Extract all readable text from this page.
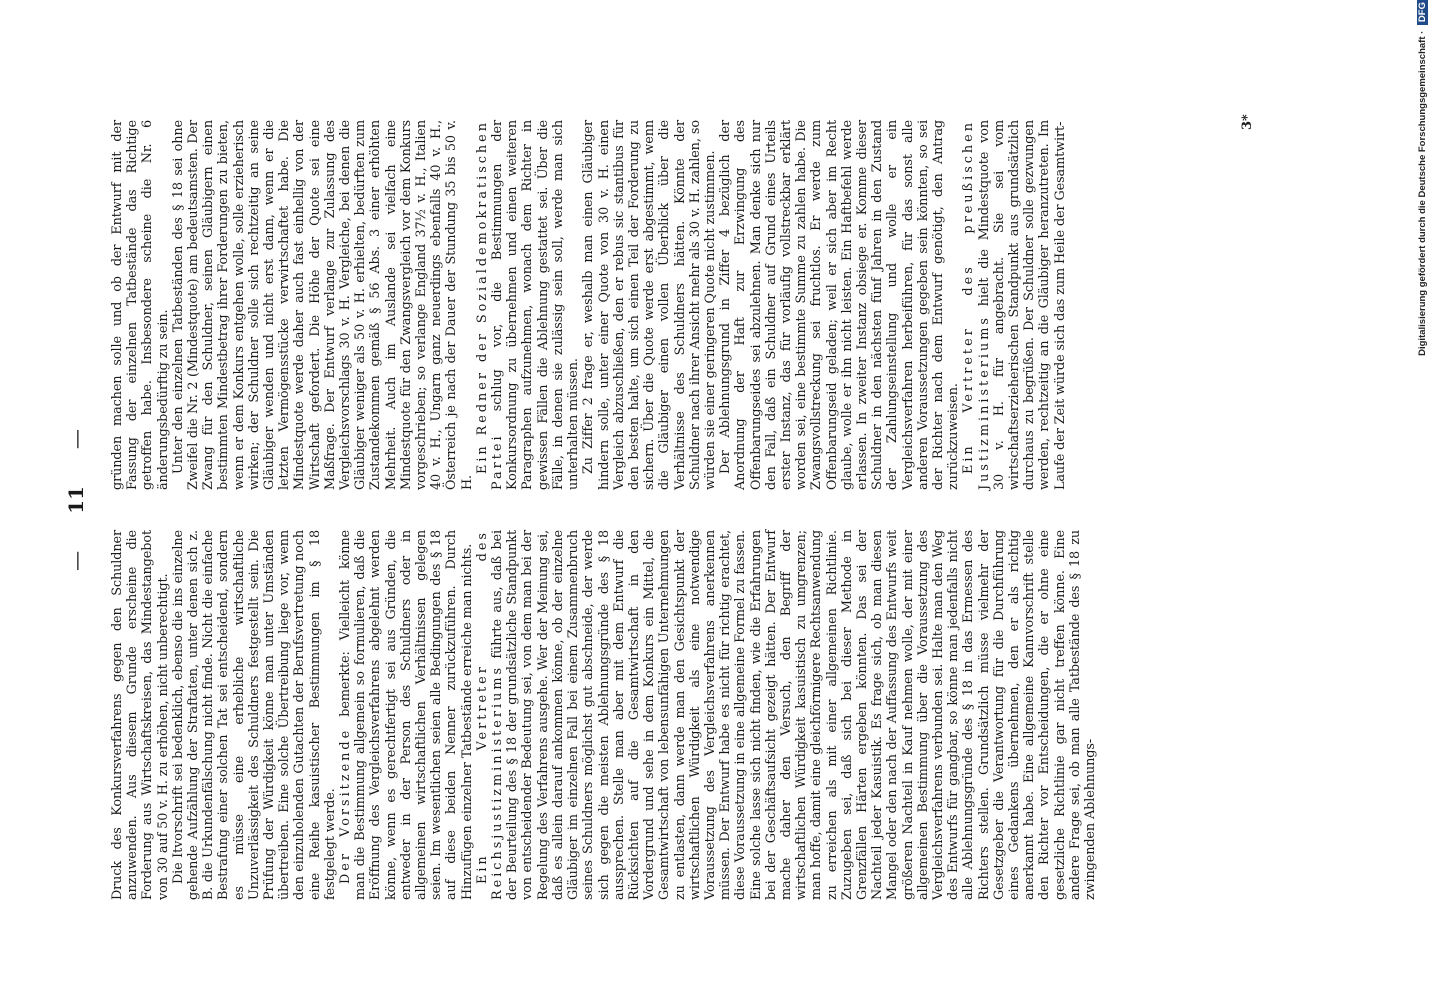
— 11 —

Druck des Konkursverfahrens gegen den Schuldner anzuwenden. Aus diesem Grunde erscheine die Forderung aus Wirtschaftskreisen, das Mindestangebot von 30 auf 50 v. H. zu erhöhen, nicht unberechtigt. Die Itvorschrift sei bedenklich, ebenso die ins einzelne gehende Aufzählung der Straftaten, unter denen sich z. B. die Urkundenfälschung nicht finde. Nicht die einfache Bestrafung einer solchen Tat sei entscheidend, sondern es müsse eine erhebliche wirtschaftliche Unzuverlässigkeit des Schuldners festgestellt sein. Die Prüfung der Würdigkeit könne man unter Umständen übertreiben. Eine solche Übertreibung liege vor, wenn den einzuholenden Gutachten der Berufsvertretung noch eine Reihe kasuistischer Bestimmungen im § 18 festgelegt werde. Der Vorsitzende bemerkte: Vielleicht könne man die Bestimmung allgemein so formulieren, daß die Eröffnung des Vergleichsverfahrens abgelehnt werden könne, wenn es gerechtfertigt sei aus Gründen, die entweder in der Person des Schuldners oder in allgemeinen wirtschaftlichen Verhältnissen gelegen seien. Im wesentlichen seien alle Bedingungen des § 18 auf diese beiden Nenner zurückzuführen. Durch Hinzufügen einzelner Tatbestände erreiche man nichts. Ein Vertreter des Reichsjustizministeriums führte aus, daß bei der Beurteilung des § 18 der grundsätzliche Standpunkt von entscheidender Bedeutung sei, von dem man bei der Regelung des Verfahrens ausgehe. Wer der Meinung sei, daß es allein darauf ankommen könne, ob der einzelne Gläubiger im einzelnen Fall bei einem Zusammenbruch seines Schuldners möglichst gut abschneide, der werde sich gegen die meisten Ablehnungsgründe des § 18 aussprechen. Stelle man aber mit dem Entwurf die Rücksichten auf die Gesamtwirtschaft in den Vordergrund und sehe in dem Konkurs ein Mittel, die Gesamtwirtschaft von lebensunfähigen Unternehmungen zu entlasten, dann werde man den Gesichtspunkt der wirtschaftlichen Würdigkeit als eine notwendige Voraussetzung des Vergleichsverfahrens anerkennen müssen. Der Entwurf habe es nicht für richtig erachtet, diese Voraussetzung in eine allgemeine Formel zu fassen. Eine solche lasse sich nicht finden, wie die Erfahrungen bei der Geschäftsaufsicht gezeigt hätten. Der Entwurf mache daher den Versuch, den Begriff der wirtschaftlichen Würdigkeit kasuistisch zu umgrenzen; man hoffe, damit eine gleichförmigere Rechtsanwendung zu erreichen als mit einer allgemeinen Richtlinie. Zuzugeben sei, daß sich bei dieser Methode in Grenzfällen Härten ergeben könnten. Das sei der Nachteil jeder Kasuistik. Es frage sich, ob man diesen Mangel oder den nach der Auffassung des Entwurfs weit größeren Nachteil in Kauf nehmen wolle, der mit einer allgemeinen Bestimmung über die Voraussetzung des Vergleichsverfahrens verbunden sei. Halte man den Weg des Entwurfs für gangbar, so könne man jedenfalls nicht alle Ablehnungsgründe des § 18 in das Ermessen des Richters stellen. Grundsätzlich müsse vielmehr der Gesetzgeber die Verantwortung für die Durchführung eines Gedankens übernehmen, den er als richtig anerkannt habe. Eine allgemeine Kannvorschrift stelle den Richter vor Entscheidungen, die er ohne eine gesetzliche Richtlinie gar nicht treffen könne. Eine andere Frage sei, ob man alle Tatbestände des § 18 zu zwingenden Ablehnungs-

gründen machen solle und ob der Entwurf mit der Fassung der einzelnen Tatbestände das Richtige getroffen habe. Insbesondere scheine die Nr. 6 änderungsbedürftig zu sein. Unter den einzelnen Tatbeständen des § 18 sei ohne Zweifel die Nr. 2 (Mindestquote) am bedeutsamsten. Der Zwang für den Schuldner, seinen Gläubigern einen bestimmten Mindestbetrag ihrer Forderungen zu bieten, wenn er dem Konkurs entgehen wolle, solle erzieherisch wirken; der Schuldner solle sich rechtzeitig an seine Gläubiger wenden und nicht erst dann, wenn er die letzten Vermögensstücke verwirtschaftet habe. Die Mindestquote werde daher auch fast einhellig von der Wirtschaft gefordert. Die Höhe der Quote sei eine Maßfrage. Der Entwurf verlange zur Zulassung des Vergleichsvorschlags 30 v. H. Vergleiche, bei denen die Gläubiger weniger als 50 v. H. erhielten, bedürften zum Zustandekommen gemäß § 56 Abs. 3 einer erhöhten Mehrheit. Auch im Auslande sei vielfach eine Mindestquote für den Zwangsvergleich vor dem Konkurs vorgeschrieben; so verlange England 37½ v. H., Italien 40 v. H., Ungarn ganz neuerdings ebenfalls 40 v. H., Österreich je nach der Dauer der Stundung 35 bis 50 v. H.

Ein Redner der Sozialdemokratischen Partei schlug vor, die Bestimmungen der Konkursordnung zu übernehmen und einen weiteren Paragraphen aufzunehmen, wonach dem Richter in gewissen Fällen die Ablehnung gestattet sei. Über die Fälle, in denen sie zulässig sein soll, werde man sich unterhalten müssen. Zu Ziffer 2 frage er, weshalb man einen Gläubiger hindern solle, unter einer Quote von 30 v. H. einen Vergleich abzuschließen, den er rebus sic stantibus für den besten halte, um sich einen Teil der Forderung zu sichern. Über die Quote werde erst abgestimmt, wenn die Gläubiger einen vollen Überblick über die Verhältnisse des Schuldners hätten. Könnte der Schuldner nach ihrer Ansicht mehr als 30 v. H. zahlen, so würden sie einer geringeren Quote nicht zustimmen. Der Ablehnungsgrund in Ziffer 4 bezüglich der Anordnung der Haft zur Erzwingung des Offenbarungseides sei abzulehnen. Man denke sich nur den Fall, daß ein Schuldner auf Grund eines Urteils erster Instanz, das für vorläufig vollstreckbar erklärt worden sei, eine bestimmte Summe zu zahlen habe. Die Zwangsvollstreckung sei fruchtlos. Er werde zum Offenbarungseid geladen; weil er sich aber im Recht glaube, wolle er ihn nicht leisten. Ein Haftbefehl werde erlassen. In zweiter Instanz obsiege er. Komme dieser Schuldner in den nächsten fünf Jahren in den Zustand der Zahlungseinstellung und wolle er ein Vergleichsverfahren herbeiführen, für das sonst alle anderen Voraussetzungen gegeben sein könnten, so sei der Richter nach dem Entwurf genötigt, den Antrag zurückzuweisen. Ein Vertreter des preußischen Justizministeriums hielt die Mindestquote von 30 v. H. für angebracht. Sie sei vom wirtschaftserzieherischen Standpunkt aus grundsätzlich durchaus zu begrüßen. Der Schuldner solle gezwungen werden, rechtzeitig an die Gläubiger heranzutreten. Im Laufe der Zeit würde sich das zum Heile der Gesamtwirt-	3*	Digitalisierung gefördert durch die Deutsche Forschungsgemeinschaft · DFG
